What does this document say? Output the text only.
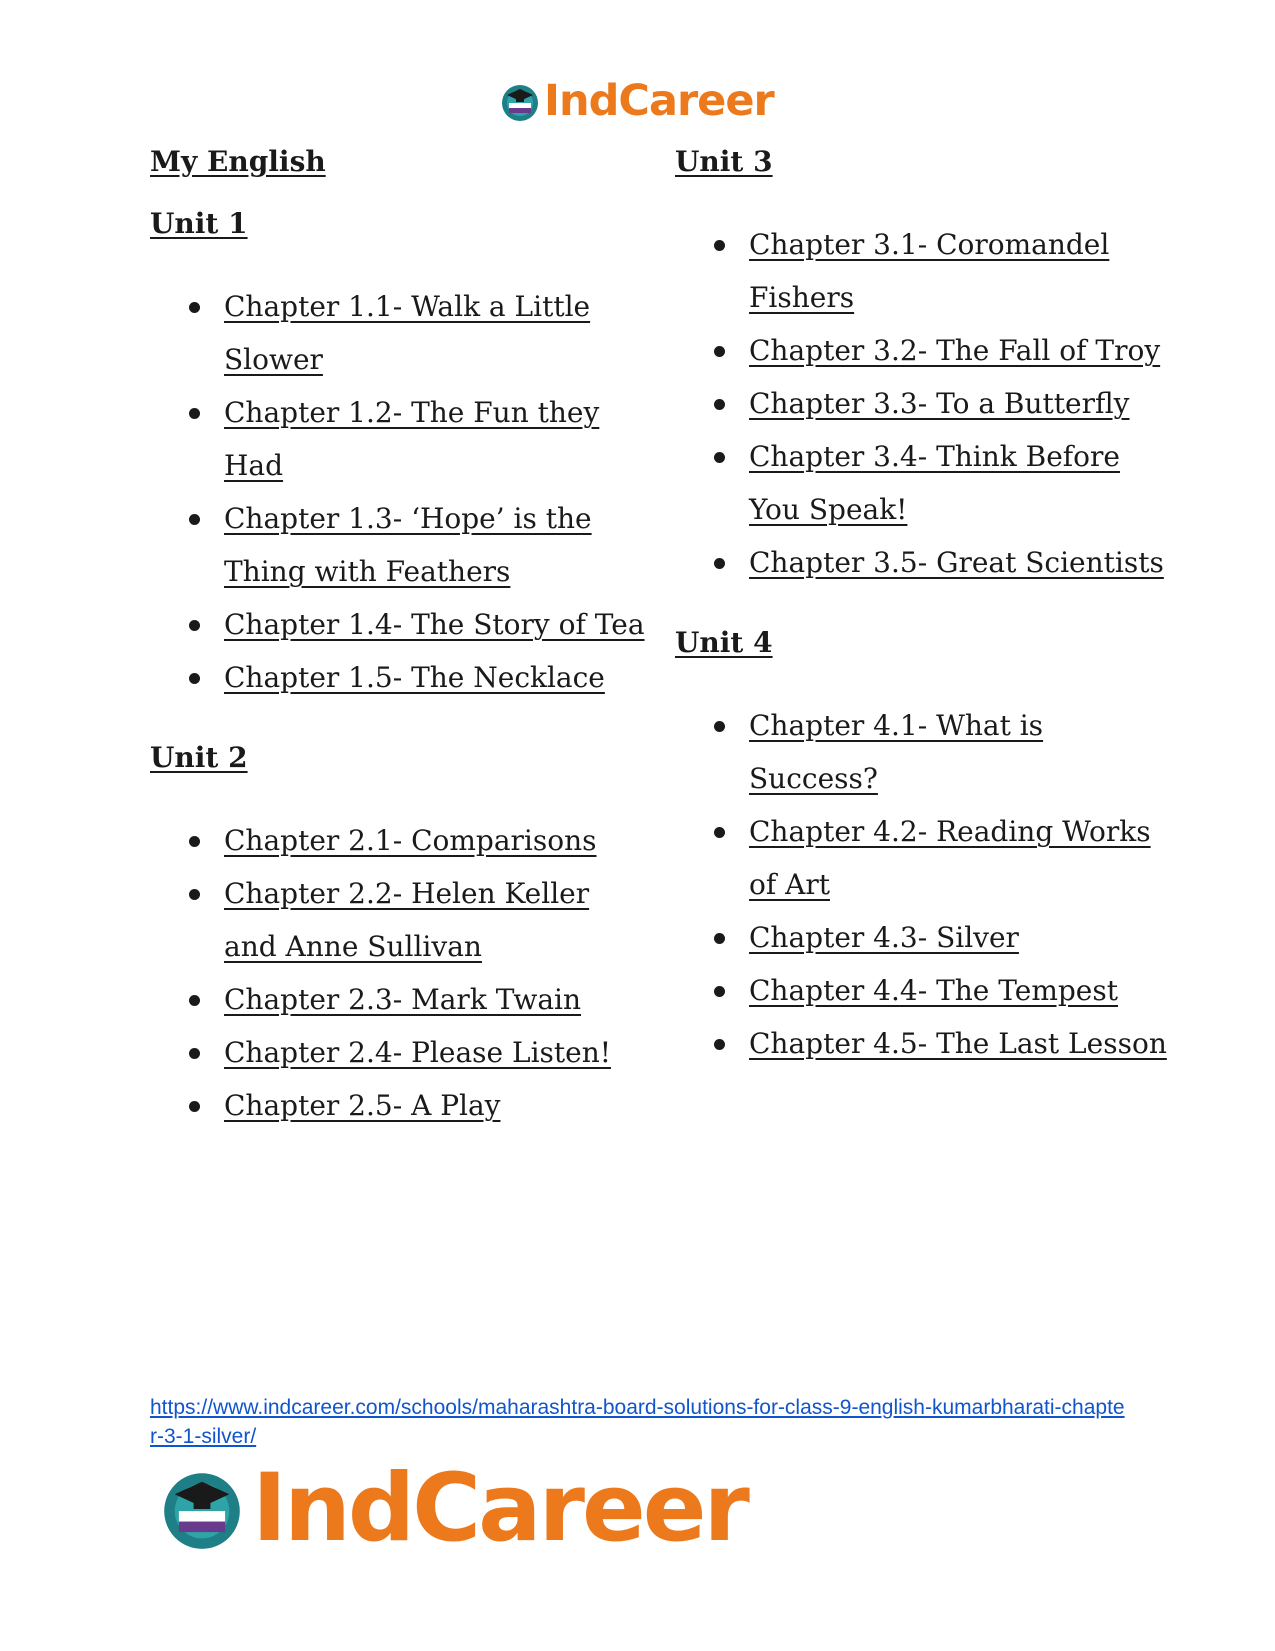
IndCareer
My English
Unit 1
Chapter 1.1- Walk a Little Slower
Chapter 1.2- The Fun they Had
Chapter 1.3- ‘Hope’ is the Thing with Feathers
Chapter 1.4- The Story of Tea
Chapter 1.5- The Necklace
Unit 2
Chapter 2.1- Comparisons
Chapter 2.2- Helen Keller and Anne Sullivan
Chapter 2.3- Mark Twain
Chapter 2.4- Please Listen!
Chapter 2.5- A Play
Unit 3
Chapter 3.1- Coromandel Fishers
Chapter 3.2- The Fall of Troy
Chapter 3.3- To a Butterfly
Chapter 3.4- Think Before You Speak!
Chapter 3.5- Great Scientists
Unit 4
Chapter 4.1- What is Success?
Chapter 4.2- Reading Works of Art
Chapter 4.3- Silver
Chapter 4.4- The Tempest
Chapter 4.5- The Last Lesson
https://www.indcareer.com/schools/maharashtra-board-solutions-for-class-9-english-kumarbharati-chapter-3-1-silver/
IndCareer
